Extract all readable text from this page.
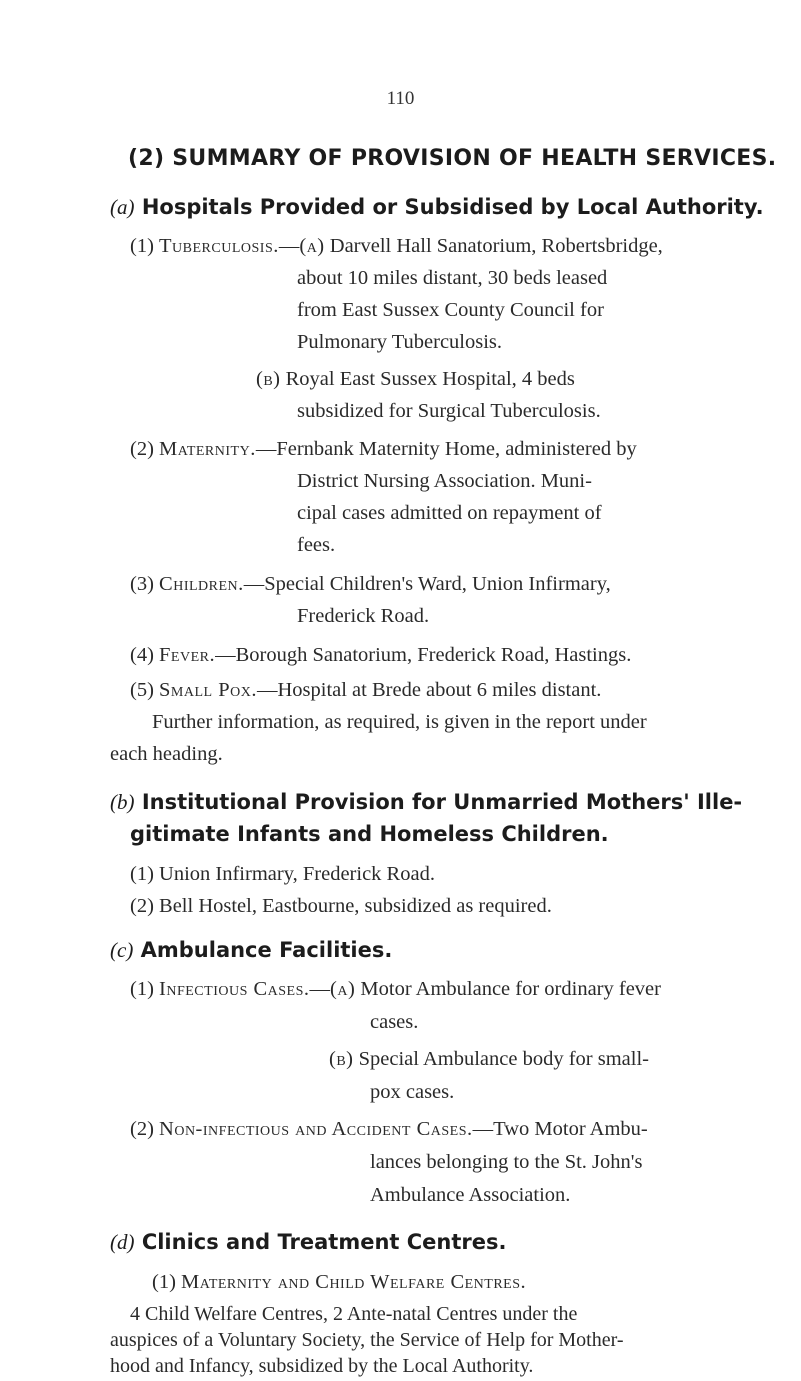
110
(2) SUMMARY OF PROVISION OF HEALTH SERVICES.
(a) Hospitals Provided or Subsidised by Local Authority.
(1) Tuberculosis.—(a) Darvell Hall Sanatorium, Robertsbridge,
about 10 miles distant, 30 beds leased
from East Sussex County Council for
Pulmonary Tuberculosis.
(b) Royal East Sussex Hospital, 4 beds
subsidized for Surgical Tuberculosis.
(2) Maternity.—Fernbank Maternity Home, administered by
District Nursing Association. Muni-
cipal cases admitted on repayment of
fees.
(3) Children.—Special Children's Ward, Union Infirmary,
Frederick Road.
(4) Fever.—Borough Sanatorium, Frederick Road, Hastings.
(5) Small Pox.—Hospital at Brede about 6 miles distant.
Further information, as required, is given in the report under
each heading.
(b) Institutional Provision for Unmarried Mothers' Ille-
gitimate Infants and Homeless Children.
(1) Union Infirmary, Frederick Road.
(2) Bell Hostel, Eastbourne, subsidized as required.
(c) Ambulance Facilities.
(1) Infectious Cases.—(a) Motor Ambulance for ordinary fever
cases.
(b) Special Ambulance body for small-
pox cases.
(2) Non-infectious and Accident Cases.—Two Motor Ambu-
lances belonging to the St. John's
Ambulance Association.
(d) Clinics and Treatment Centres.
(1) Maternity and Child Welfare Centres.
4 Child Welfare Centres, 2 Ante-natal Centres under the
auspices of a Voluntary Society, the Service of Help for Mother-
hood and Infancy, subsidized by the Local Authority.
